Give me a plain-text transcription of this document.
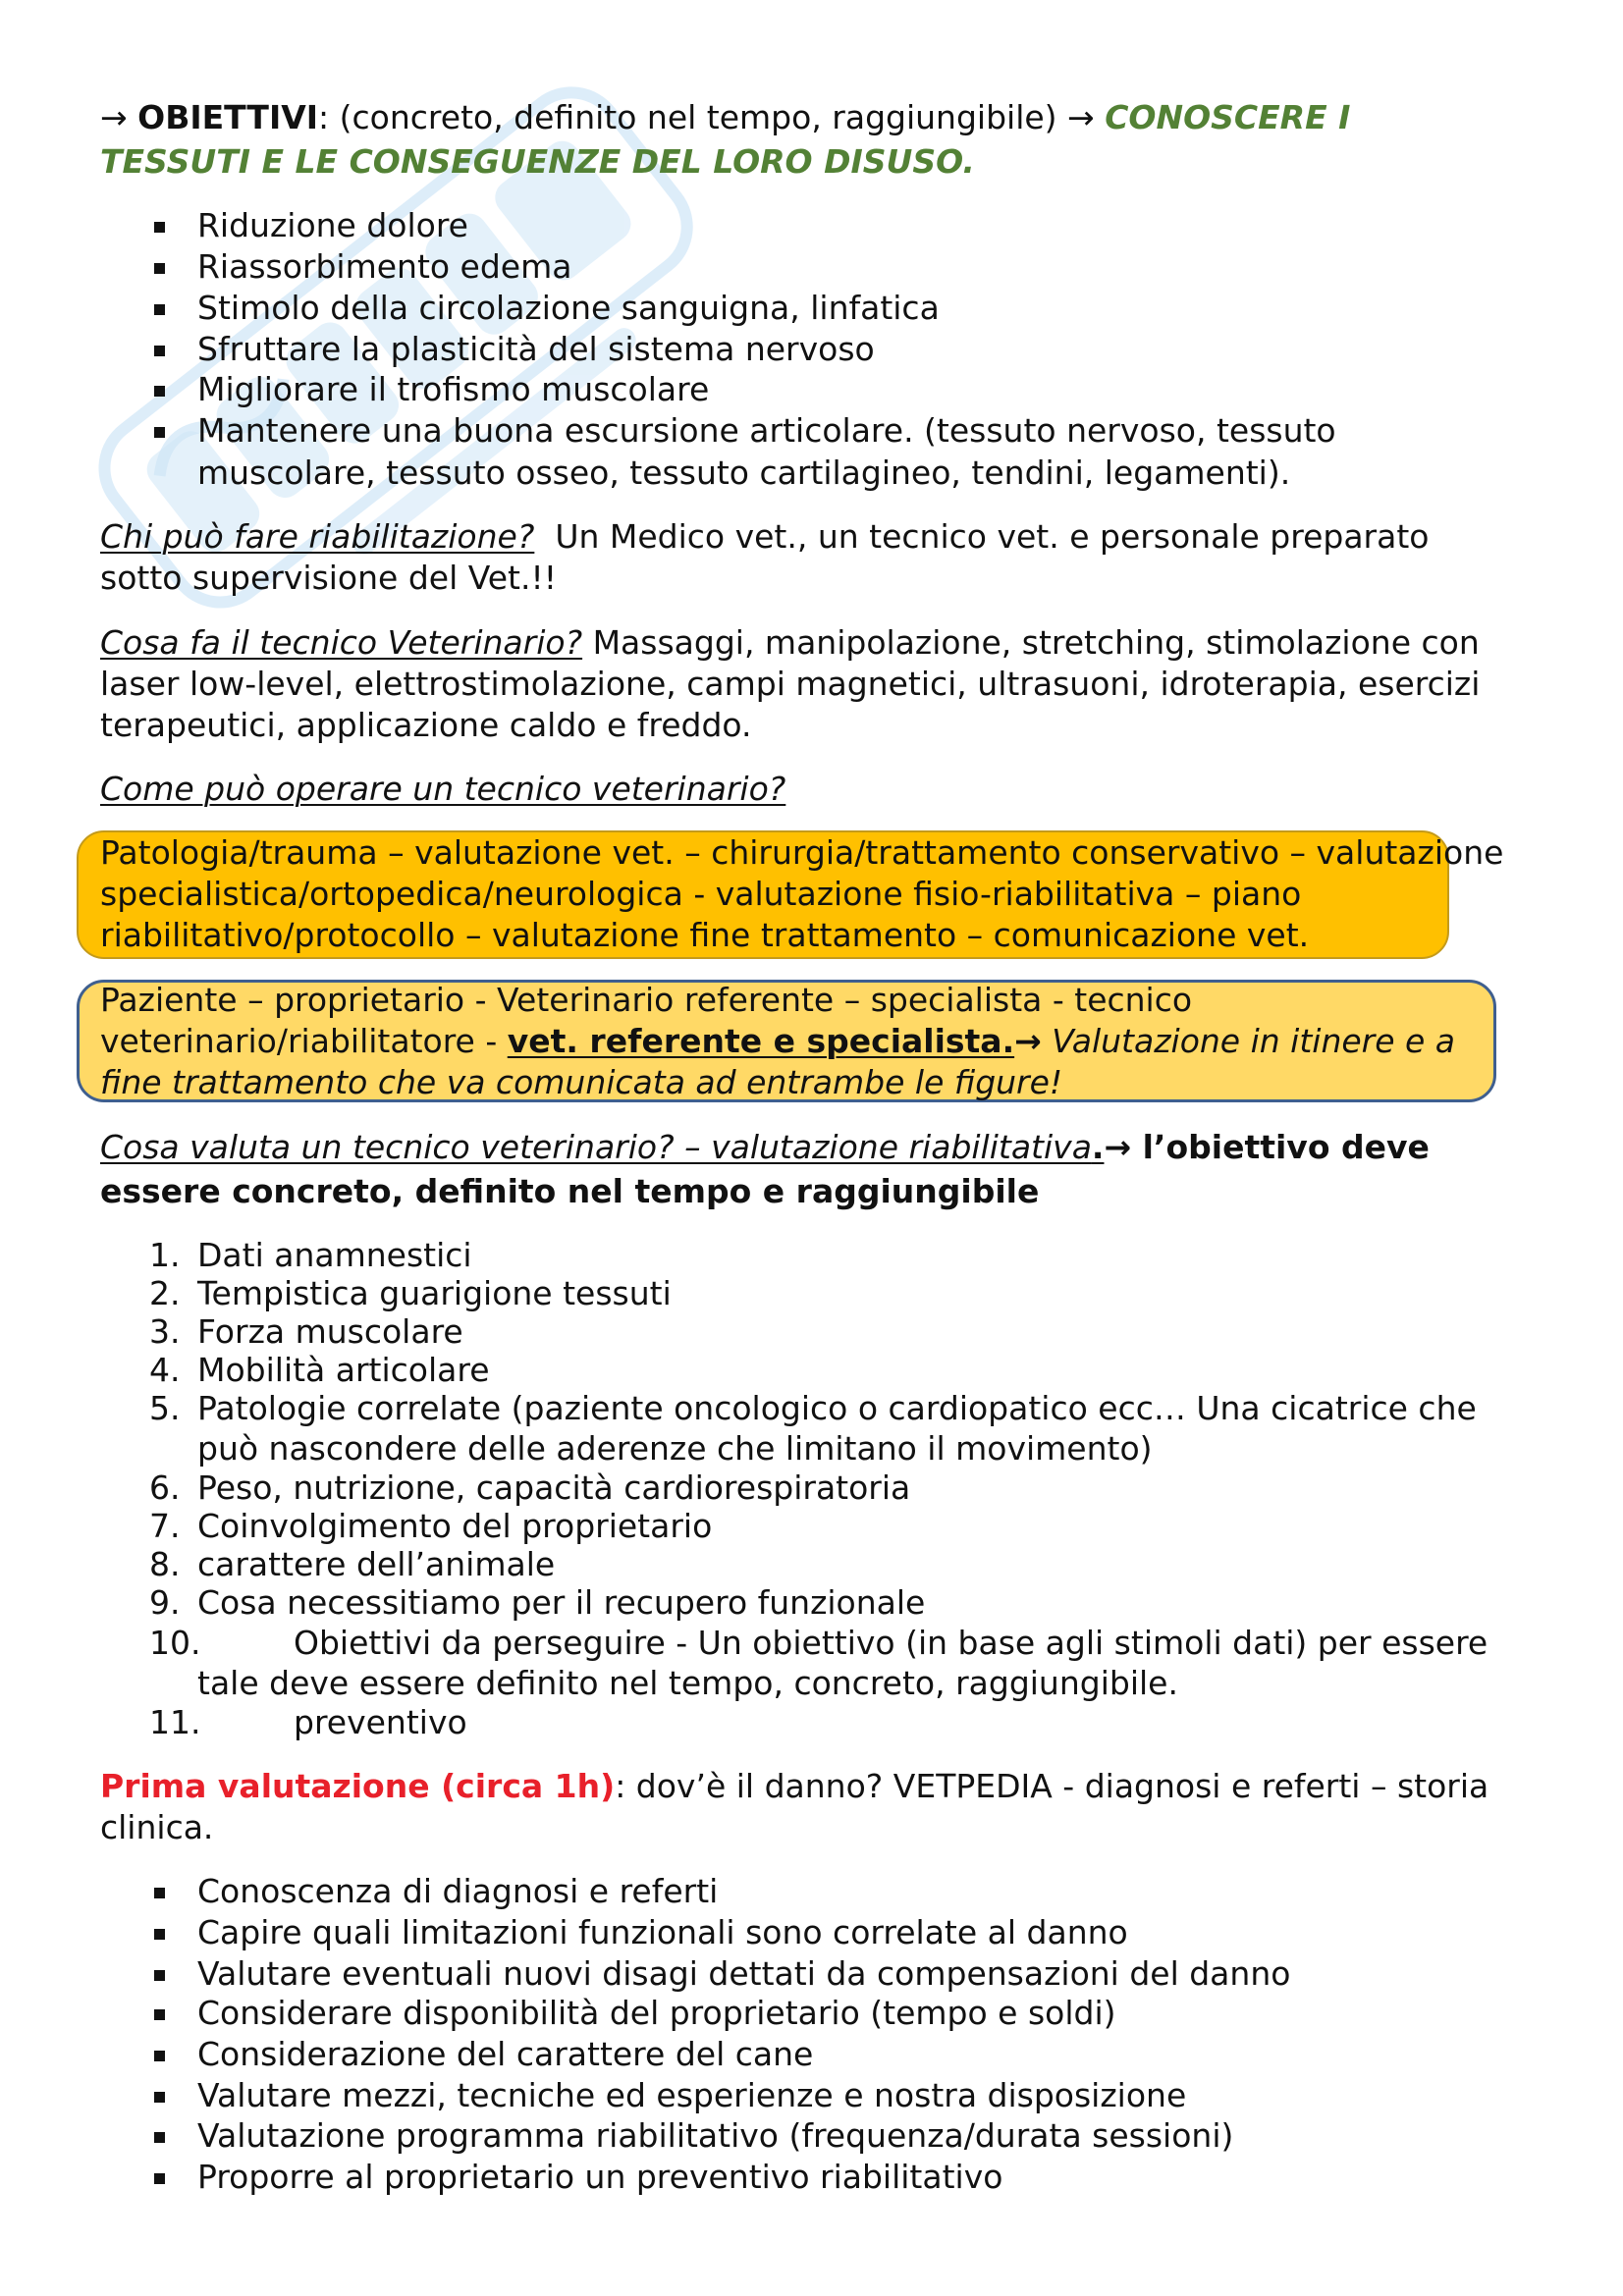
→ OBIETTIVI: (concreto, definito nel tempo, raggiungibile) → CONOSCERE I
TESSUTI E LE CONSEGUENZE DEL LORO DISUSO.
Riduzione dolore
Riassorbimento edema
Stimolo della circolazione sanguigna, linfatica
Sfruttare la plasticità del sistema nervoso
Migliorare il trofismo muscolare
Mantenere una buona escursione articolare. (tessuto nervoso, tessuto
muscolare, tessuto osseo, tessuto cartilagineo, tendini, legamenti).
Chi può fare riabilitazione?  Un Medico vet., un tecnico vet. e personale preparato
sotto supervisione del Vet.!!
Cosa fa il tecnico Veterinario? Massaggi, manipolazione, stretching, stimolazione con
laser low-level, elettrostimolazione, campi magnetici, ultrasuoni, idroterapia, esercizi
terapeutici, applicazione caldo e freddo.
Come può operare un tecnico veterinario?
Patologia/trauma – valutazione vet. – chirurgia/trattamento conservativo – valutazione
specialistica/ortopedica/neurologica - valutazione fisio-riabilitativa – piano
riabilitativo/protocollo – valutazione fine trattamento – comunicazione vet.
Paziente – proprietario - Veterinario referente – specialista - tecnico
veterinario/riabilitatore - vet. referente e specialista.→ Valutazione in itinere e a
fine trattamento che va comunicata ad entrambe le figure!
Cosa valuta un tecnico veterinario? – valutazione riabilitativa.→ l’obiettivo deve
essere concreto, definito nel tempo e raggiungibile
1. Dati anamnestici
2. Tempistica guarigione tessuti
3. Forza muscolare
4. Mobilità articolare
5. Patologie correlate (paziente oncologico o cardiopatico ecc… Una cicatrice che
può nascondere delle aderenze che limitano il movimento)
6. Peso, nutrizione, capacità cardiorespiratoria
7. Coinvolgimento del proprietario
8. carattere dell’animale
9. Cosa necessitiamo per il recupero funzionale
10.	Obiettivi da perseguire - Un obiettivo (in base agli stimoli dati) per essere
tale deve essere definito nel tempo, concreto, raggiungibile.
11.	preventivo
Prima valutazione (circa 1h): dov’è il danno? VETPEDIA - diagnosi e referti – storia
clinica.
Conoscenza di diagnosi e referti
Capire quali limitazioni funzionali sono correlate al danno
Valutare eventuali nuovi disagi dettati da compensazioni del danno
Considerare disponibilità del proprietario (tempo e soldi)
Considerazione del carattere del cane
Valutare mezzi, tecniche ed esperienze e nostra disposizione
Valutazione programma riabilitativo (frequenza/durata sessioni)
Proporre al proprietario un preventivo riabilitativo
